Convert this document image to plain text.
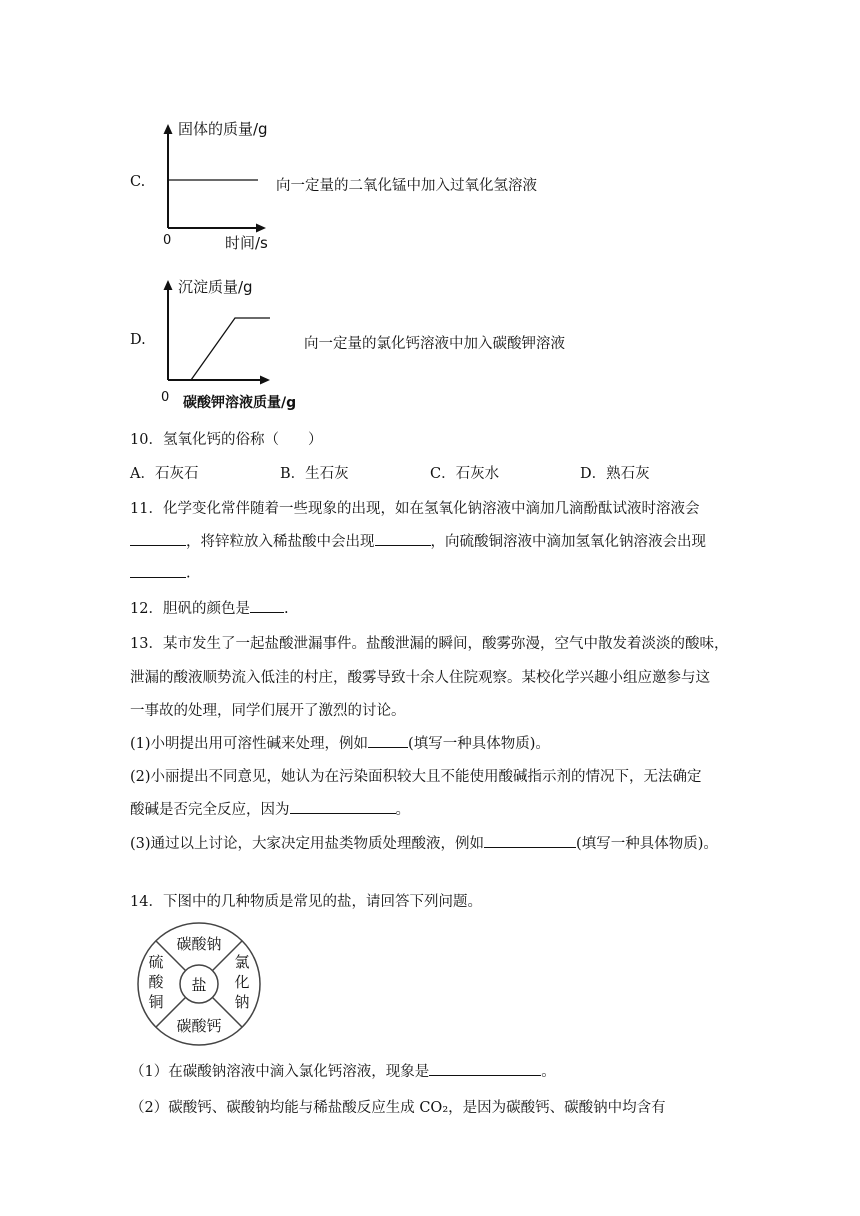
C.
固体的质量/g
0	时间/s
向一定量的二氧化锰中加入过氧化氢溶液
D.
沉淀质量/g
0 碳酸钾溶液质量/g
向一定量的氯化钙溶液中加入碳酸钾溶液
10．氢氧化钙的俗称（　　）
A．石灰石	B．生石灰	C．石灰水	D．熟石灰
11．化学变化常伴随着一些现象的出现，如在氢氧化钠溶液中滴加几滴酚酞试液时溶液会
，将锌粒放入稀盐酸中会出现	，向硫酸铜溶液中滴加氢氧化钠溶液会出现
.
12．胆矾的颜色是 .
13．某市发生了一起盐酸泄漏事件。盐酸泄漏的瞬间，酸雾弥漫，空气中散发着淡淡的酸味，
泄漏的酸液顺势流入低洼的村庄，酸雾导致十余人住院观察。某校化学兴趣小组应邀参与这
一事故的处理，同学们展开了激烈的讨论。
(1)小明提出用可溶性碱来处理，例如	(填写一种具体物质)。
(2)小丽提出不同意见，她认为在污染面积较大且不能使用酸碱指示剂的情况下，无法确定
酸碱是否完全反应，因为	。
(3)通过以上讨论，大家决定用盐类物质处理酸液，例如	(填写一种具体物质)。
14．下图中的几种物质是常见的盐，请回答下列问题。
盐
碳酸钠
碳酸钙
硫
酸
铜
氯
化
钠
（1）在碳酸钠溶液中滴入氯化钙溶液，现象是	。
（2）碳酸钙、碳酸钠均能与稀盐酸反应生成 CO₂，是因为碳酸钙、碳酸钠中均含有
